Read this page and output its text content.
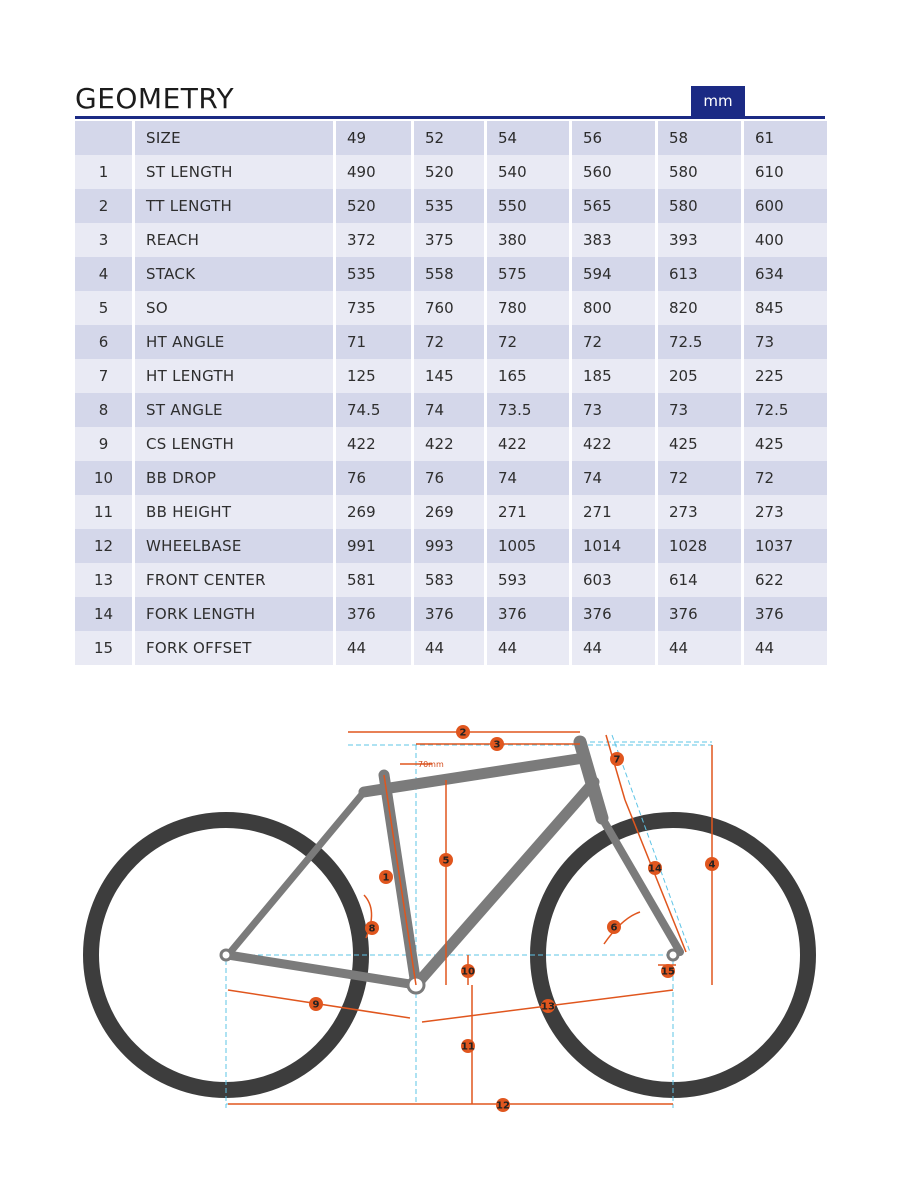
GEOMETRY	mm
	SIZE	49	52	54	56	58	61
1	ST LENGTH	490	520	540	560	580	610
2	TT LENGTH	520	535	550	565	580	600
3	REACH	372	375	380	383	393	400
4	STACK	535	558	575	594	613	634
5	SO	735	760	780	800	820	845
6	HT ANGLE	71	72	72	72	72.5	73
7	HT LENGTH	125	145	165	185	205	225
8	ST ANGLE	74.5	74	73.5	73	73	72.5
9	CS LENGTH	422	422	422	422	425	425
10	BB DROP	76	76	74	74	72	72
11	BB HEIGHT	269	269	271	271	273	273
12	WHEELBASE	991	993	1005	1014	1028	1037
13	FRONT CENTER	581	583	593	603	614	622
14	FORK LENGTH	376	376	376	376	376	376
15	FORK OFFSET	44	44	44	44	44	44
70mm
1
2
3
4
5
6
7
8
9
10
11
12
13
14
15
